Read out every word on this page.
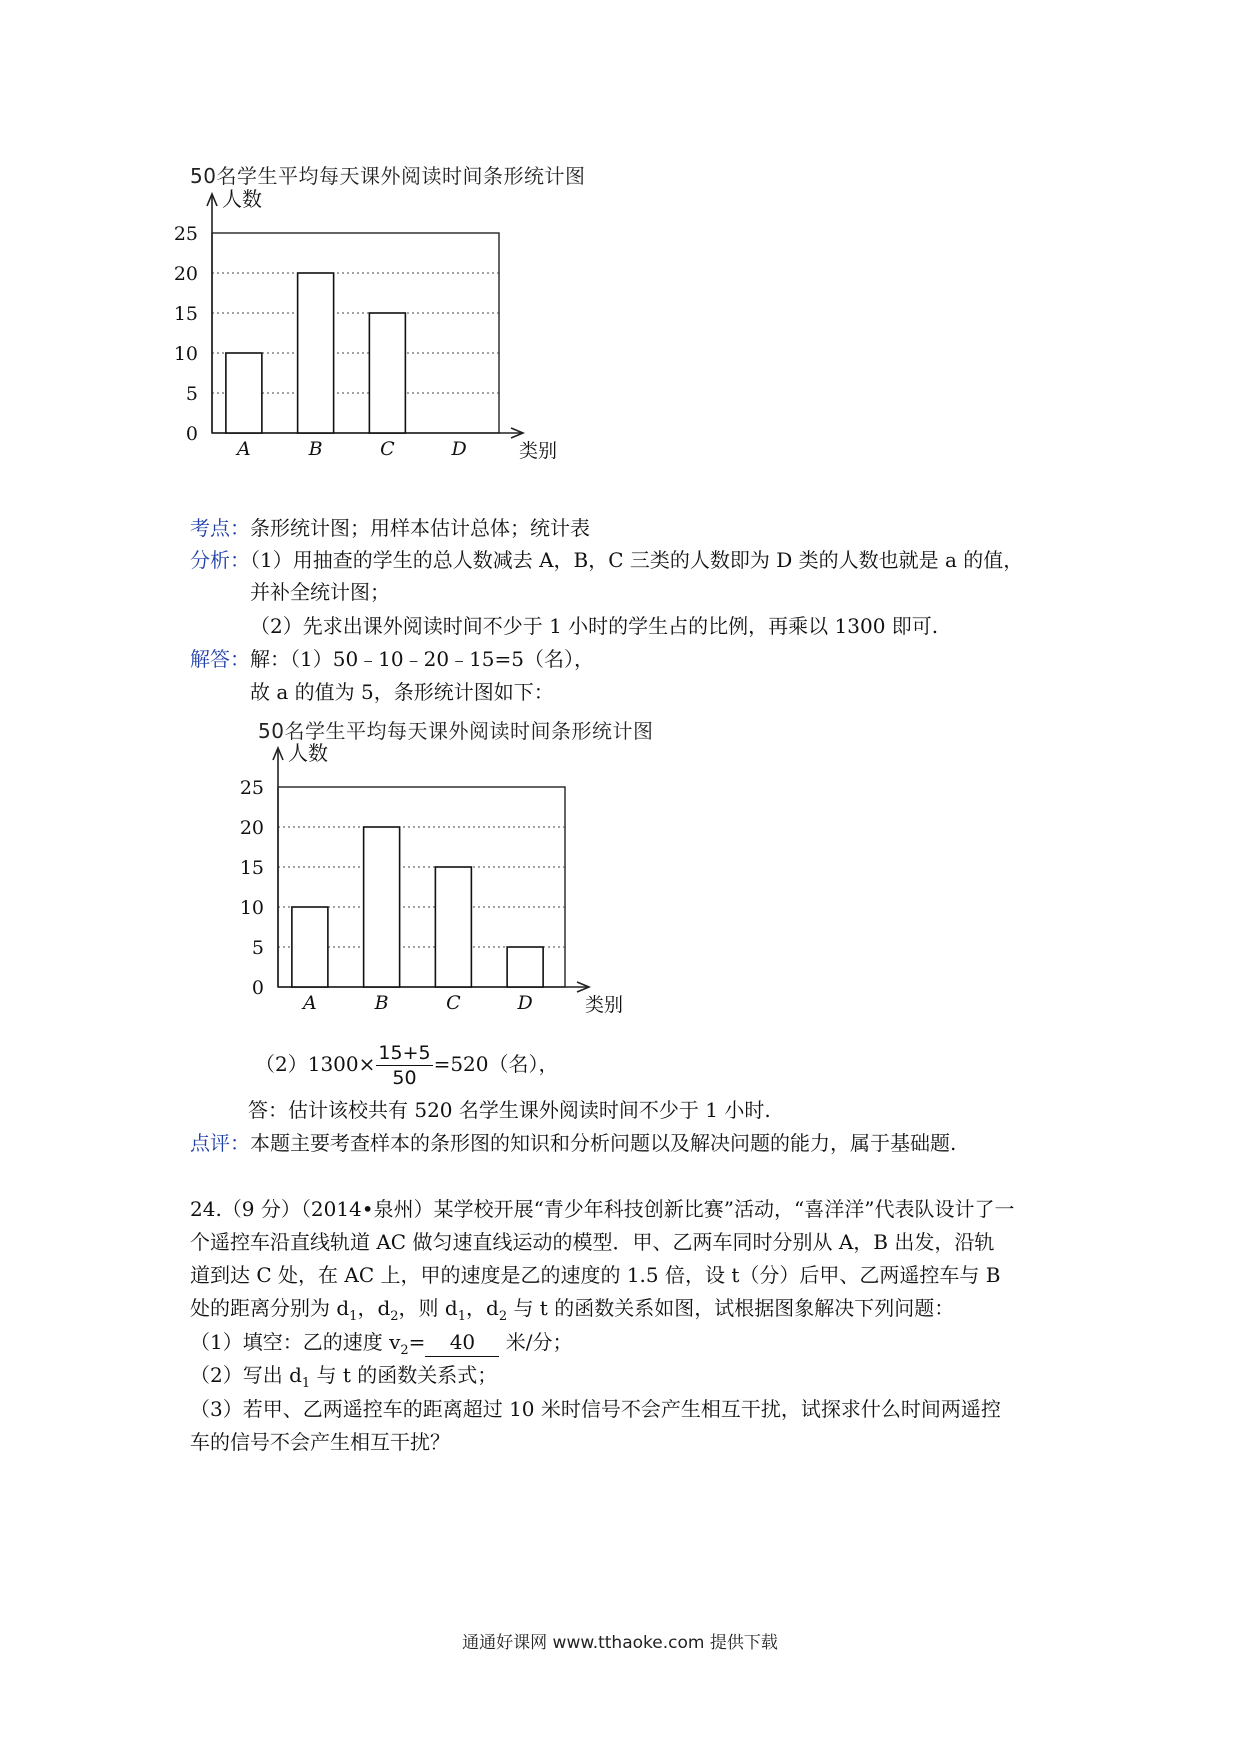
50名学生平均每天课外阅读时间条形统计图
25
20
15
10
5
0
人数
类别
A	B	C	D
考点：条形统计图；用样本估计总体；统计表
分析：（1）用抽查的学生的总人数减去 A，B，C 三类的人数即为 D 类的人数也就是 a 的值，
并补全统计图；
（2）先求出课外阅读时间不少于 1 小时的学生占的比例，再乘以 1300 即可.
解答：解：（1）50﹣10﹣20﹣15=5（名），
故 a 的值为 5，条形统计图如下：
50名学生平均每天课外阅读时间条形统计图
25
20
15
10
5
0
人数
类别
A	B	C	D
$(2)1300\times \frac{15+5}{50} =520$（名），
答：估计该校共有 520 名学生课外阅读时间不少于 1 小时.
点评：本题主要考查样本的条形图的知识和分析问题以及解决问题的能力，属于基础题.
24.（9 分）（2014•泉州）某学校开展“青少年科技创新比赛”活动，“喜洋洋”代表队设计了一
个遥控车沿直线轨道 AC 做匀速直线运动的模型．甲、乙两车同时分别从 A，B 出发，沿轨
道到达 C 处，在 AC 上，甲的速度是乙的速度的 1.5 倍，设 t（分）后甲、乙两遥控车与 B
处的距离分别为 $d_1$，$d_2$，则 $d_1$，$d_2$ 与 t 的函数关系如图，试根据图象解决下列问题：
（1）填空：乙的速度 $v_2= 40$ 米/分；
（2）写出 $d_1$ 与 t 的函数关系式；
（3）若甲、乙两遥控车的距离超过 10 米时信号不会产生相互干扰，试探求什么时间两遥控
车的信号不会产生相互干扰？
通通好课网 www.tthaoke.com 提供下载
